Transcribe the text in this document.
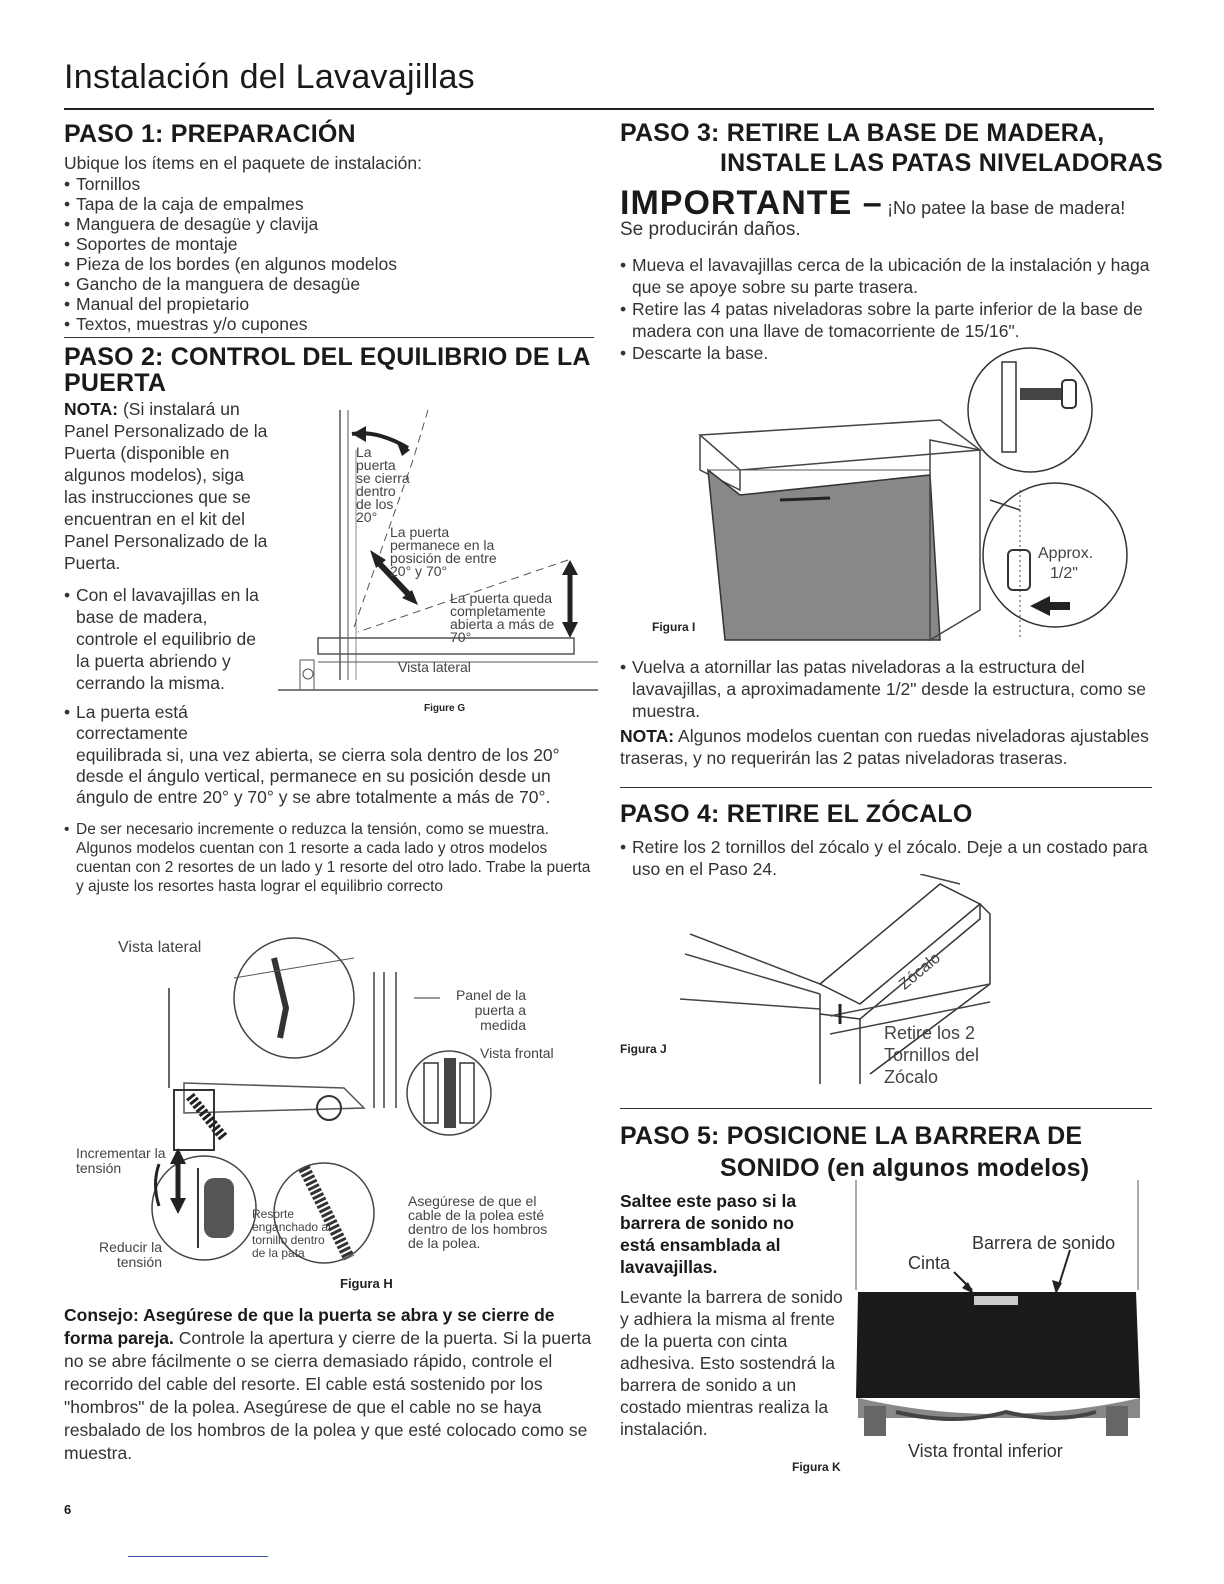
Instalación del Lavavajillas
PASO 1: PREPARACIÓN
Ubique los ítems en el paquete de instalación:
• Tornillos
• Tapa de la caja de empalmes
• Manguera de desagüe y clavija
• Soportes de montaje
• Pieza de los bordes (en algunos modelos
• Gancho de la manguera de desagüe
• Manual del propietario
• Textos, muestras y/o cupones
PASO 2: CONTROL DEL EQUILIBRIO DE LA
PUERTA
NOTA: (Si instalará un Panel Personalizado de la Puerta (disponible en algunos modelos), siga las instrucciones que se encuentran en el kit del Panel Personalizado de la Puerta.
• Con el lavavajillas en la base de madera, controle el equilibrio de la puerta abriendo y cerrando la misma.
• La puerta está correctamente
equilibrada si, una vez abierta, se cierra sola dentro de los 20° desde el ángulo vertical, permanece en su posición desde un ángulo de entre 20° y 70° y se abre totalmente a más de 70°.
• De ser necesario incremente o reduzca la tensión, como se muestra. Algunos modelos cuentan con 1 resorte a cada lado y otros modelos cuentan con 2 resortes de un lado y 1 resorte del otro lado. Trabe la puerta y ajuste los resortes hasta lograr el equilibrio correcto
La puerta se cierra dentro de los 20°
La puerta permanece en la posición de entre 20° y 70°
La puerta queda completamente abierta a más de 70°
Vista lateral
Figure G
Vista lateral
Panel de la puerta a medida
Vista frontal
Incrementar la tensión
Reducir la tensión
Resorte enganchado al tornillo dentro de la pata
Asegúrese de que el cable de la polea esté dentro de los hombros de la polea.
Figura H
Consejo: Asegúrese de que la puerta se abra y se cierre de forma pareja. Controle la apertura y cierre de la puerta. Si la puerta no se abre fácilmente o se cierra demasiado rápido, controle el recorrido del cable del resorte. El cable está sostenido por los "hombros" de la polea. Asegúrese de que el cable no se haya resbalado de los hombros de la polea y que esté colocado como se muestra.
6
PASO 3: RETIRE LA BASE DE MADERA,
INSTALE LAS PATAS NIVELADORAS
IMPORTANTE – ¡No patee la base de madera!
Se producirán daños.
• Mueva el lavavajillas cerca de la ubicación de la instalación y haga que se apoye sobre su parte trasera.
• Retire las 4 patas niveladoras sobre la parte inferior de la base de madera con una llave de tomacorriente de 15/16".
• Descarte la base.
Approx.
1/2"
Figura I
• Vuelva a atornillar las patas niveladoras a la estructura del lavavajillas, a aproximadamente 1/2" desde la estructura, como se muestra.
NOTA: Algunos modelos cuentan con ruedas niveladoras ajustables traseras, y no requerirán las 2 patas niveladoras traseras.
PASO 4: RETIRE EL ZÓCALO
• Retire los 2 tornillos del zócalo y el zócalo. Deje a un costado para uso en el Paso 24.
Zócalo
Retire los 2 Tornillos del Zócalo
Figura J
PASO 5: POSICIONE LA BARRERA DE
SONIDO (en algunos modelos)
Saltee este paso si la barrera de sonido no está ensamblada al lavavajillas.
Levante la barrera de sonido y adhiera la misma al frente de la puerta con cinta adhesiva. Esto sostendrá la barrera de sonido a un costado mientras realiza la instalación.
Barrera de sonido
Cinta
Vista frontal inferior
Figura K
